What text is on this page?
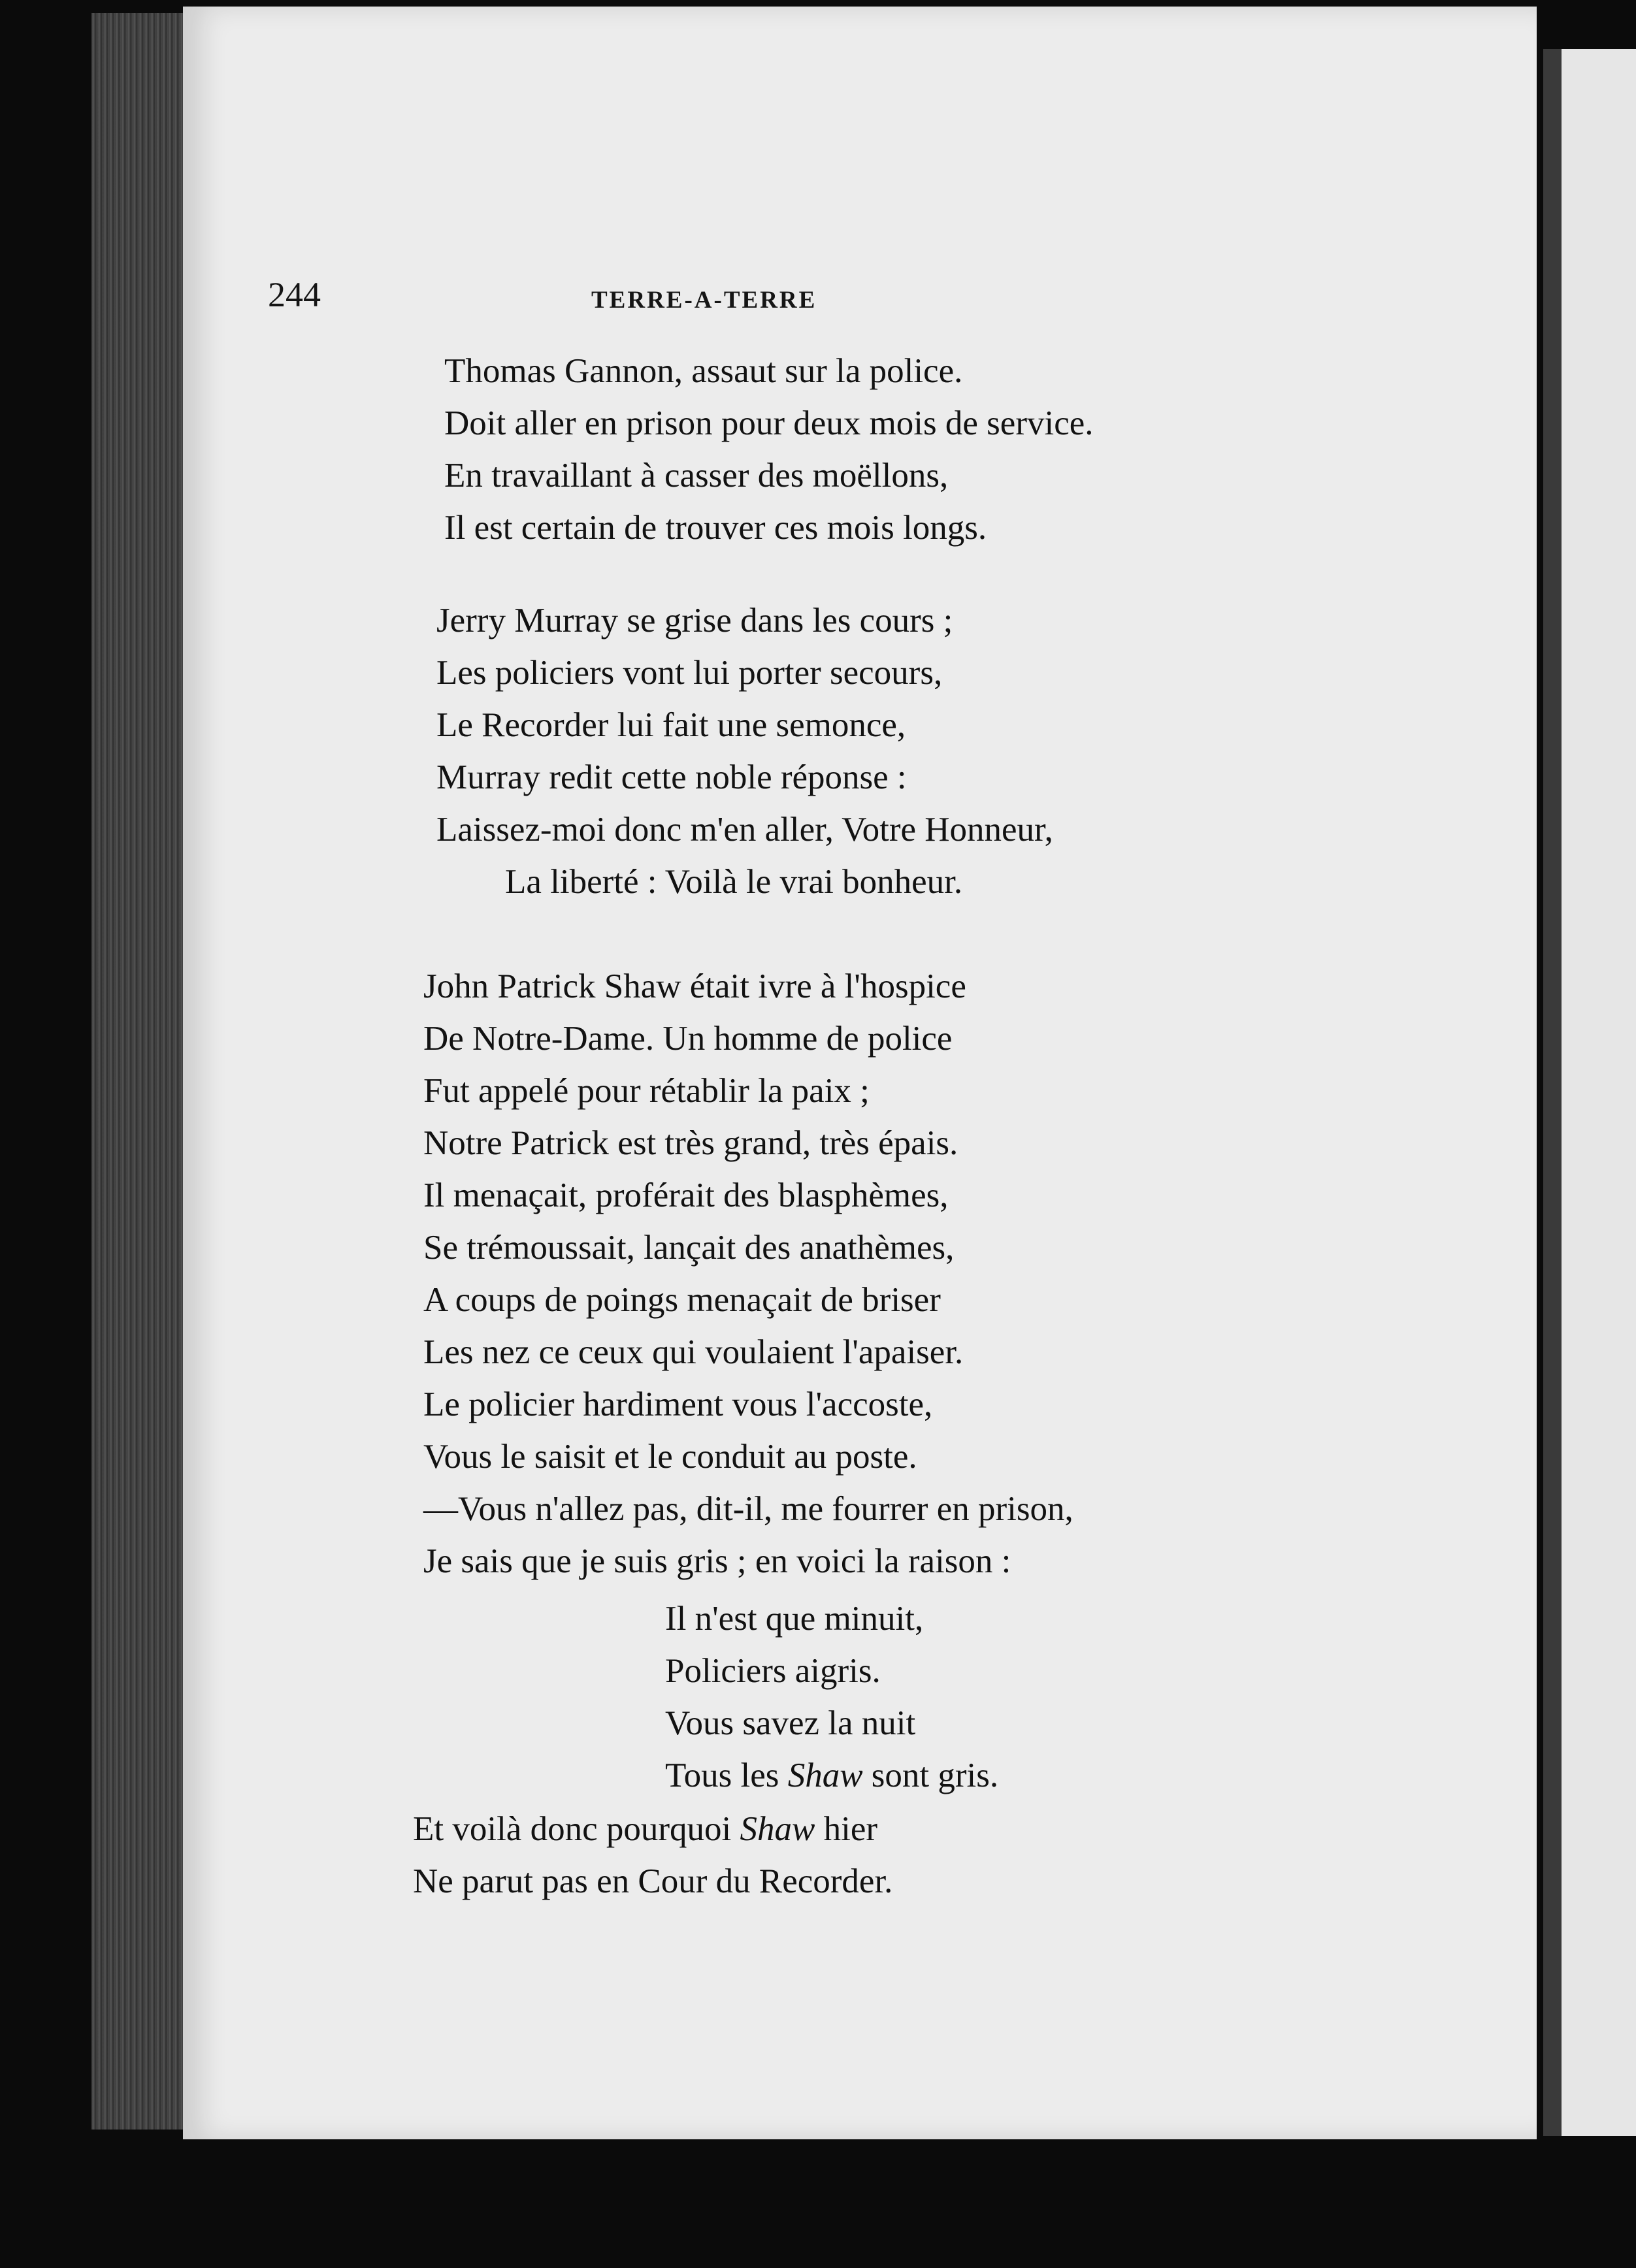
244	TERRE-A-TERRE
Thomas Gannon, assaut sur la police.
Doit aller en prison pour deux mois de service.
En travaillant à casser des moëllons,
Il est certain de trouver ces mois longs.
Jerry Murray se grise dans les cours ;
Les policiers vont lui porter secours,
Le Recorder lui fait une semonce,
Murray redit cette noble réponse :
Laissez-moi donc m'en aller, Votre Honneur,
La liberté : Voilà le vrai bonheur.
John Patrick Shaw était ivre à l'hospice
De Notre-Dame. Un homme de police
Fut appelé pour rétablir la paix ;
Notre Patrick est très grand, très épais.
Il menaçait, proférait des blasphèmes,
Se trémoussait, lançait des anathèmes,
A coups de poings menaçait de briser
Les nez ce ceux qui voulaient l'apaiser.
Le policier hardiment vous l'accoste,
Vous le saisit et le conduit au poste.
—Vous n'allez pas, dit-il, me fourrer en prison,
Je sais que je suis gris ; en voici la raison :
Il n'est que minuit,
Policiers aigris.
Vous savez la nuit
Tous les Shaw sont gris.
Et voilà donc pourquoi Shaw hier
Ne parut pas en Cour du Recorder.
